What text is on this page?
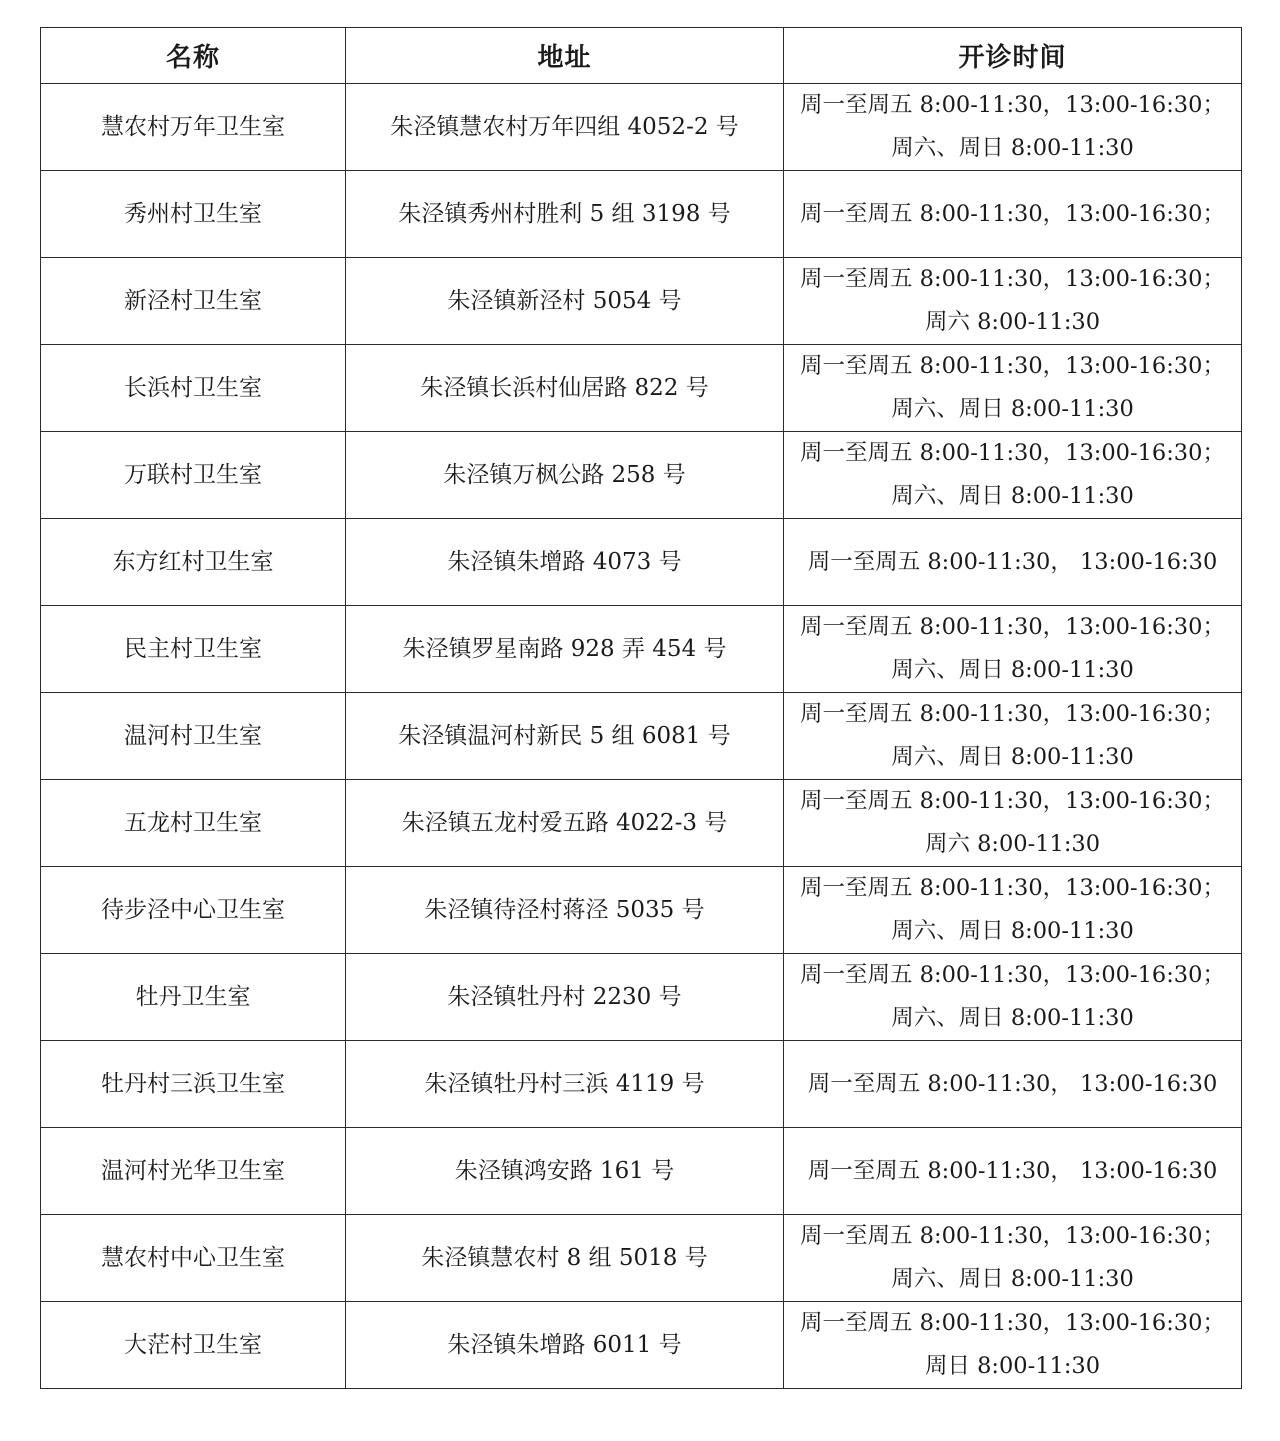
名称	地址	开诊时间
慧农村万年卫生室	朱泾镇慧农村万年四组 4052-2 号	周一至周五 8:00-11:30，13:00-16:30；
周六、周日 8:00-11:30

秀州村卫生室	朱泾镇秀州村胜利 5 组 3198 号	周一至周五 8:00-11:30，13:00-16:30；

新泾村卫生室	朱泾镇新泾村 5054 号	周一至周五 8:00-11:30，13:00-16:30；
周六 8:00-11:30

长浜村卫生室	朱泾镇长浜村仙居路 822 号	周一至周五 8:00-11:30，13:00-16:30；
周六、周日 8:00-11:30

万联村卫生室	朱泾镇万枫公路 258 号	周一至周五 8:00-11:30，13:00-16:30；
周六、周日 8:00-11:30

东方红村卫生室	朱泾镇朱增路 4073 号	周一至周五 8:00-11:30， 13:00-16:30

民主村卫生室	朱泾镇罗星南路 928 弄 454 号	周一至周五 8:00-11:30，13:00-16:30；
周六、周日 8:00-11:30

温河村卫生室	朱泾镇温河村新民 5 组 6081 号	周一至周五 8:00-11:30，13:00-16:30；
周六、周日 8:00-11:30

五龙村卫生室	朱泾镇五龙村爱五路 4022-3 号	周一至周五 8:00-11:30，13:00-16:30；
周六 8:00-11:30

待步泾中心卫生室	朱泾镇待泾村蒋泾 5035 号	周一至周五 8:00-11:30，13:00-16:30；
周六、周日 8:00-11:30

牡丹卫生室	朱泾镇牡丹村 2230 号	周一至周五 8:00-11:30，13:00-16:30；
周六、周日 8:00-11:30

牡丹村三浜卫生室	朱泾镇牡丹村三浜 4119 号	周一至周五 8:00-11:30， 13:00-16:30

温河村光华卫生室	朱泾镇鸿安路 161 号	周一至周五 8:00-11:30， 13:00-16:30

慧农村中心卫生室	朱泾镇慧农村 8 组 5018 号	周一至周五 8:00-11:30，13:00-16:30；
周六、周日 8:00-11:30

大茫村卫生室	朱泾镇朱增路 6011 号	周一至周五 8:00-11:30，13:00-16:30；
周日 8:00-11:30
